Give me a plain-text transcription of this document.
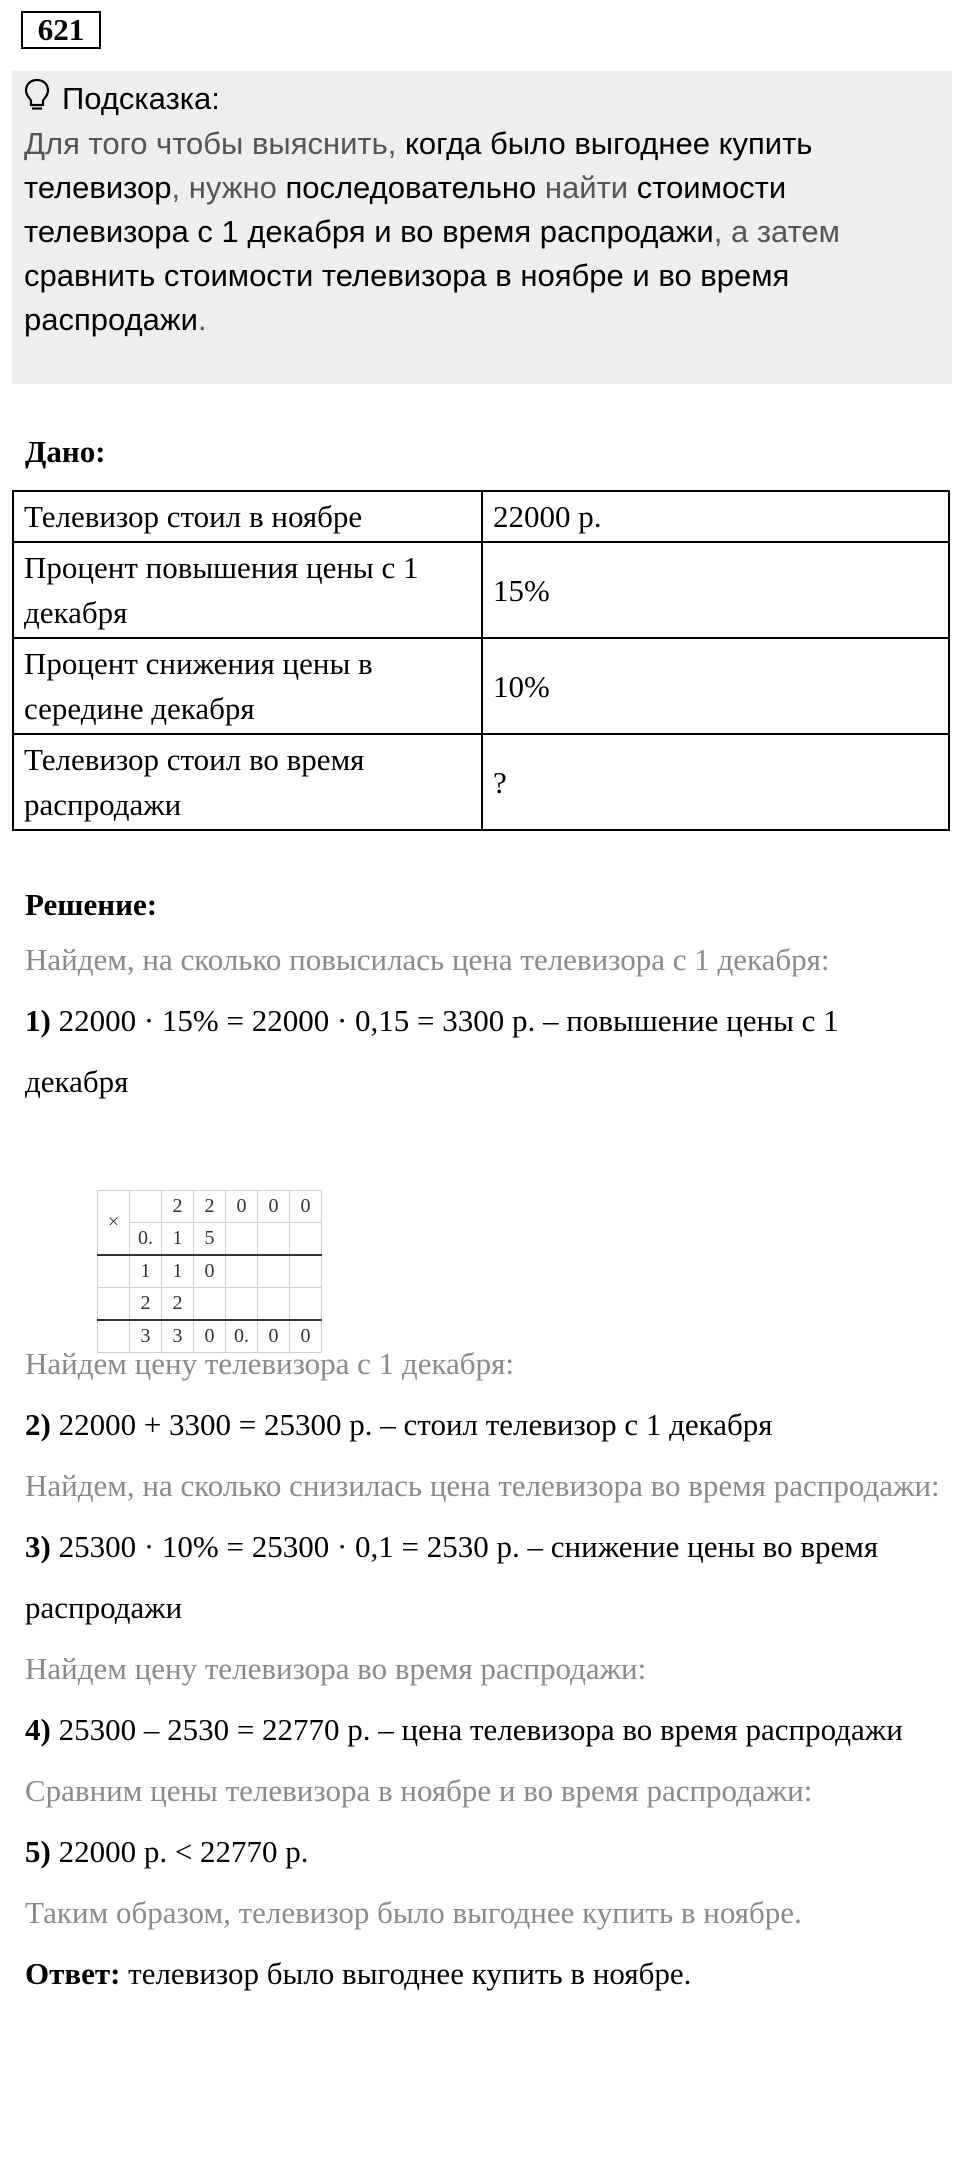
621
Подсказка:
Для того чтобы выяснить, когда было выгоднее купить телевизор, нужно последовательно найти стоимости телевизора с 1 декабря и во время распродажи, а затем сравнить стоимости телевизора в ноябре и во время распродажи.
Дано:
Телевизор стоил в ноябре	22000 р.
Процент повышения цены с 1 декабря	15%
Процент снижения цены в середине декабря	10%
Телевизор стоил во время распродажи	?
Решение:
Найдем, на сколько повысилась цена телевизора с 1 декабря:
1) 22000 · 15% = 22000 · 0,15 = 3300 р. – повышение цены с 1 декабря
Найдем цену телевизора с 1 декабря:
2) 22000 + 3300 = 25300 р. – стоил телевизор с 1 декабря
Найдем, на сколько снизилась цена телевизора во время распродажи:
3) 25300 · 10% = 25300 · 0,1 = 2530 р. – снижение цены во время распродажи
Найдем цену телевизора во время распродажи:
4) 25300 – 2530 = 22770 р. – цена телевизора во время распродажи
Сравним цены телевизора в ноябре и во время распродажи:
5) 22000 р. < 22770 р.
Таким образом, телевизор было выгоднее купить в ноябре.
Ответ: телевизор было выгоднее купить в ноябре.
×		2	2	0	0	0
	0.	1	5			
	1	1	0			
	2	2				
	3	3	0	0.	0	0
